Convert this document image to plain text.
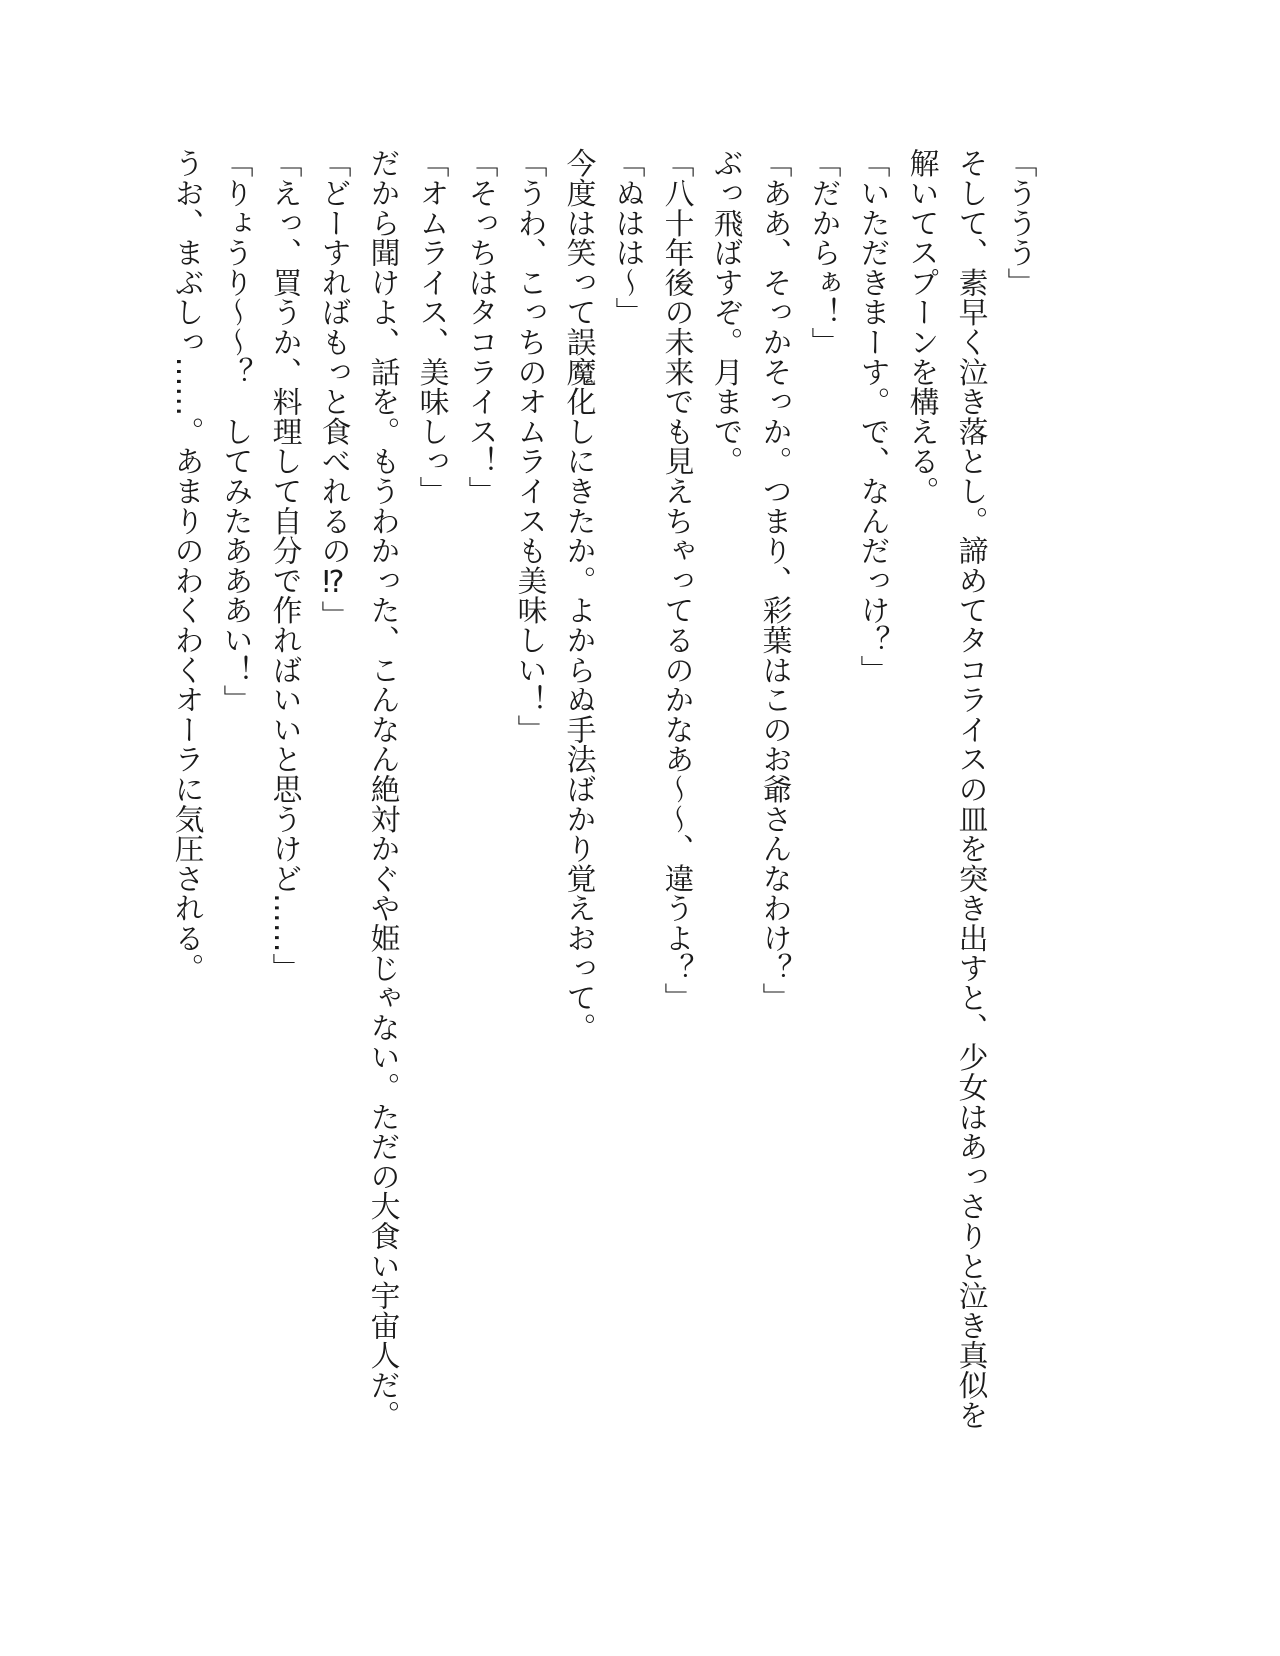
「ううう」
そして、素早く泣き落とし。諦めてタコライスの皿を突き出すと、少女はあっさりと泣き真似を
解いてスプーンを構える。
「いただきまーす。で、なんだっけ？」
「だからぁ！」
「ああ、そっかそっか。つまり、彩葉はこのお爺さんなわけ？」
ぶっ飛ばすぞ。月まで。
「八十年後の未来でも見えちゃってるのかなあ〜〜、違うよ？」
「ぬはは〜」
今度は笑って誤魔化しにきたか。よからぬ手法ばかり覚えおって。
「うわ、こっちのオムライスも美味しい！」
「そっちはタコライス！」
「オムライス、美味しっ」
だから聞けよ、話を。もうわかった、こんなん絶対かぐや姫じゃない。ただの大食い宇宙人だ。
「どーすればもっと食べれるの⁉」
「えっ、買うか、料理して自分で作ればいいと思うけど……」
「りょうり〜〜？　してみたあああい！」
うお、まぶしっ……。あまりのわくわくオーラに気圧される。
